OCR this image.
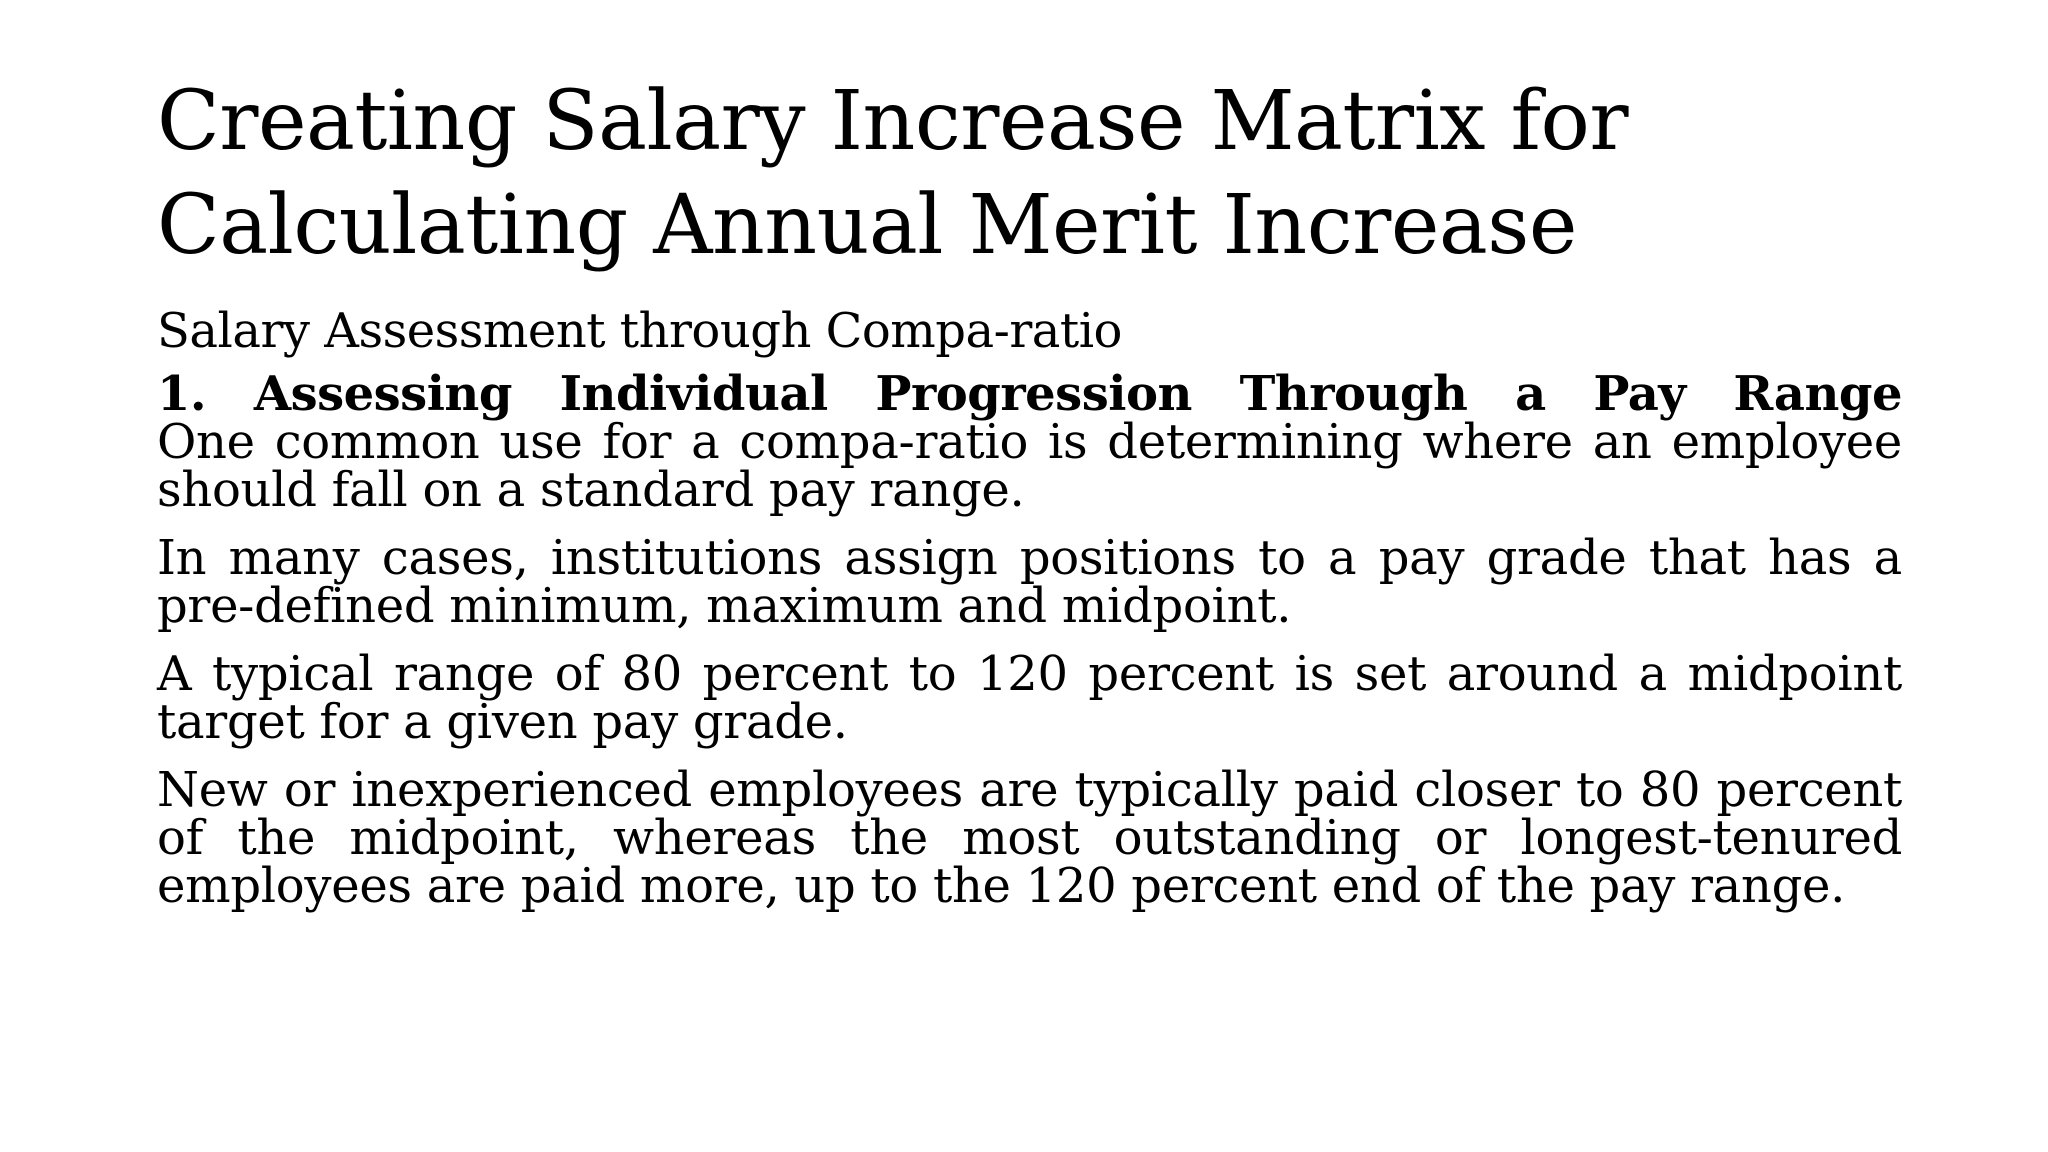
Creating Salary Increase Matrix for
Calculating Annual Merit Increase

Salary Assessment through Compa-ratio

1. Assessing Individual Progression Through a Pay Range

One common use for a compa-ratio is determining where an employee should fall on a standard pay range.

In many cases, institutions assign positions to a pay grade that has a pre-defined minimum, maximum and midpoint.

A typical range of 80 percent to 120 percent is set around a midpoint target for a given pay grade.

New or inexperienced employees are typically paid closer to 80 percent of the midpoint, whereas the most outstanding or longest-tenured employees are paid more, up to the 120 percent end of the pay range.
